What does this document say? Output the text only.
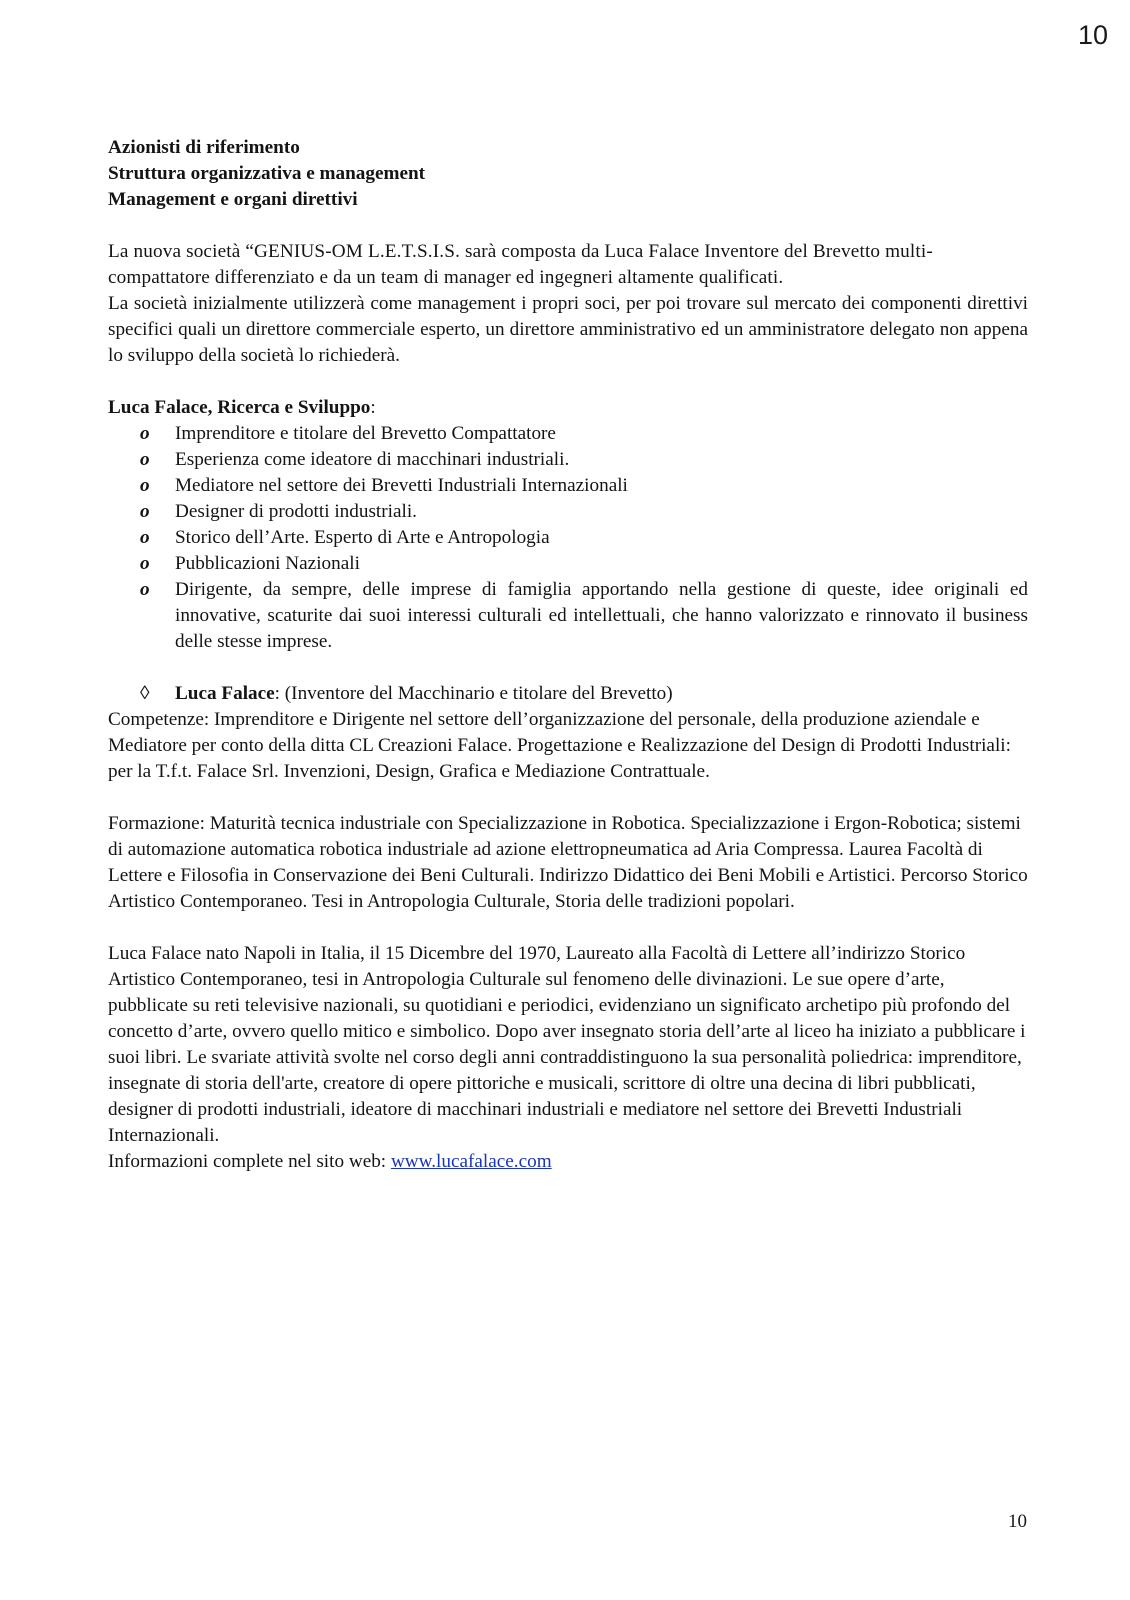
10
Azionisti di riferimento
Struttura organizzativa e management
Management e organi direttivi

La nuova società “GENIUS-OM L.E.T.S.I.S. sarà composta da Luca Falace Inventore del Brevetto multi-compattatore differenziato e da un team di manager ed ingegneri altamente qualificati.

La società inizialmente utilizzerà come management i propri soci, per poi trovare sul mercato dei componenti direttivi specifici quali un direttore commerciale esperto, un direttore amministrativo ed un amministratore delegato non appena lo sviluppo della società lo richiederà.

Luca Falace, Ricerca e Sviluppo:

o Imprenditore e titolare del Brevetto Compattatore
o Esperienza come ideatore di macchinari industriali.
o Mediatore nel settore dei Brevetti Industriali Internazionali
o Designer di prodotti industriali.
o Storico dell’Arte. Esperto di Arte e Antropologia
o Pubblicazioni Nazionali
o Dirigente, da sempre, delle imprese di famiglia apportando nella gestione di queste, idee originali ed innovative, scaturite dai suoi interessi culturali ed intellettuali, che hanno valorizzato e rinnovato il business delle stesse imprese.

◊ Luca Falace: (Inventore del Macchinario e titolare del Brevetto)

Competenze: Imprenditore e Dirigente nel settore dell’organizzazione del personale, della produzione aziendale e Mediatore per conto della ditta CL Creazioni Falace. Progettazione e Realizzazione del Design di Prodotti Industriali: per la T.f.t. Falace Srl. Invenzioni, Design, Grafica e Mediazione Contrattuale.

Formazione: Maturità tecnica industriale con Specializzazione in Robotica. Specializzazione i Ergon-Robotica; sistemi di automazione automatica robotica industriale ad azione elettropneumatica ad Aria Compressa. Laurea Facoltà di Lettere e Filosofia in Conservazione dei Beni Culturali. Indirizzo Didattico dei Beni Mobili e Artistici. Percorso Storico Artistico Contemporaneo. Tesi in Antropologia Culturale, Storia delle tradizioni popolari.

Luca Falace nato Napoli in Italia, il 15 Dicembre del 1970, Laureato alla Facoltà di Lettere all’indirizzo Storico Artistico Contemporaneo, tesi in Antropologia Culturale sul fenomeno delle divinazioni. Le sue opere d’arte, pubblicate su reti televisive nazionali, su quotidiani e periodici, evidenziano un significato archetipo più profondo del concetto d’arte, ovvero quello mitico e simbolico. Dopo aver insegnato storia dell’arte al liceo ha iniziato a pubblicare i suoi libri. Le svariate attività svolte nel corso degli anni contraddistinguono la sua personalità poliedrica: imprenditore, insegnate di storia dell'arte, creatore di opere pittoriche e musicali, scrittore di oltre una decina di libri pubblicati, designer di prodotti industriali, ideatore di macchinari industriali e mediatore nel settore dei Brevetti Industriali Internazionali.

Informazioni complete nel sito web: www.lucafalace.com

10
